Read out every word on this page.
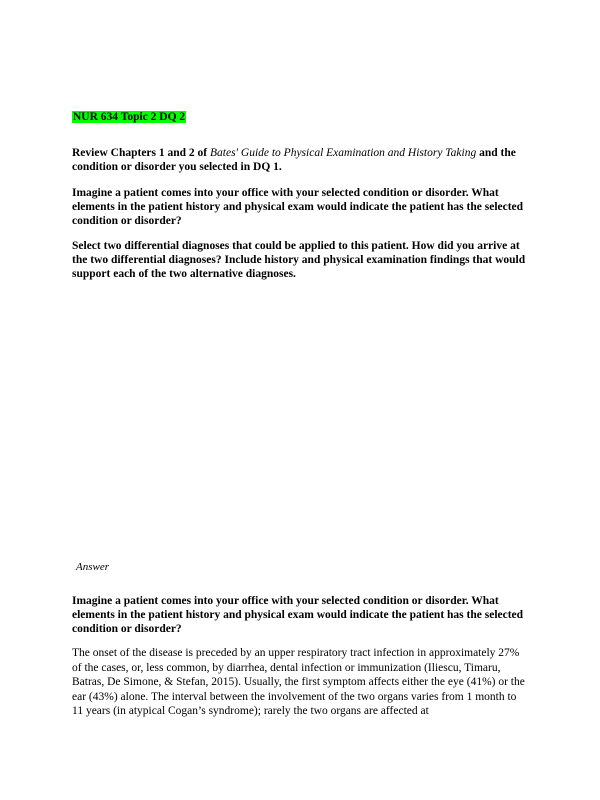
NUR 634 Topic 2 DQ 2
Review Chapters 1 and 2 of Bates' Guide to Physical Examination and History Taking and the condition or disorder you selected in DQ 1.

Imagine a patient comes into your office with your selected condition or disorder. What elements in the patient history and physical exam would indicate the patient has the selected condition or disorder?

Select two differential diagnoses that could be applied to this patient. How did you arrive at the two differential diagnoses? Include history and physical examination findings that would support each of the two alternative diagnoses.

Answer

Imagine a patient comes into your office with your selected condition or disorder. What elements in the patient history and physical exam would indicate the patient has the selected condition or disorder?

The onset of the disease is preceded by an upper respiratory tract infection in approximately 27% of the cases, or, less common, by diarrhea, dental infection or immunization (Iliescu, Timaru, Batras, De Simone, & Stefan, 2015). Usually, the first symptom affects either the eye (41%) or the ear (43%) alone. The interval between the involvement of the two organs varies from 1 month to 11 years (in atypical Cogan’s syndrome); rarely the two organs are affected at
